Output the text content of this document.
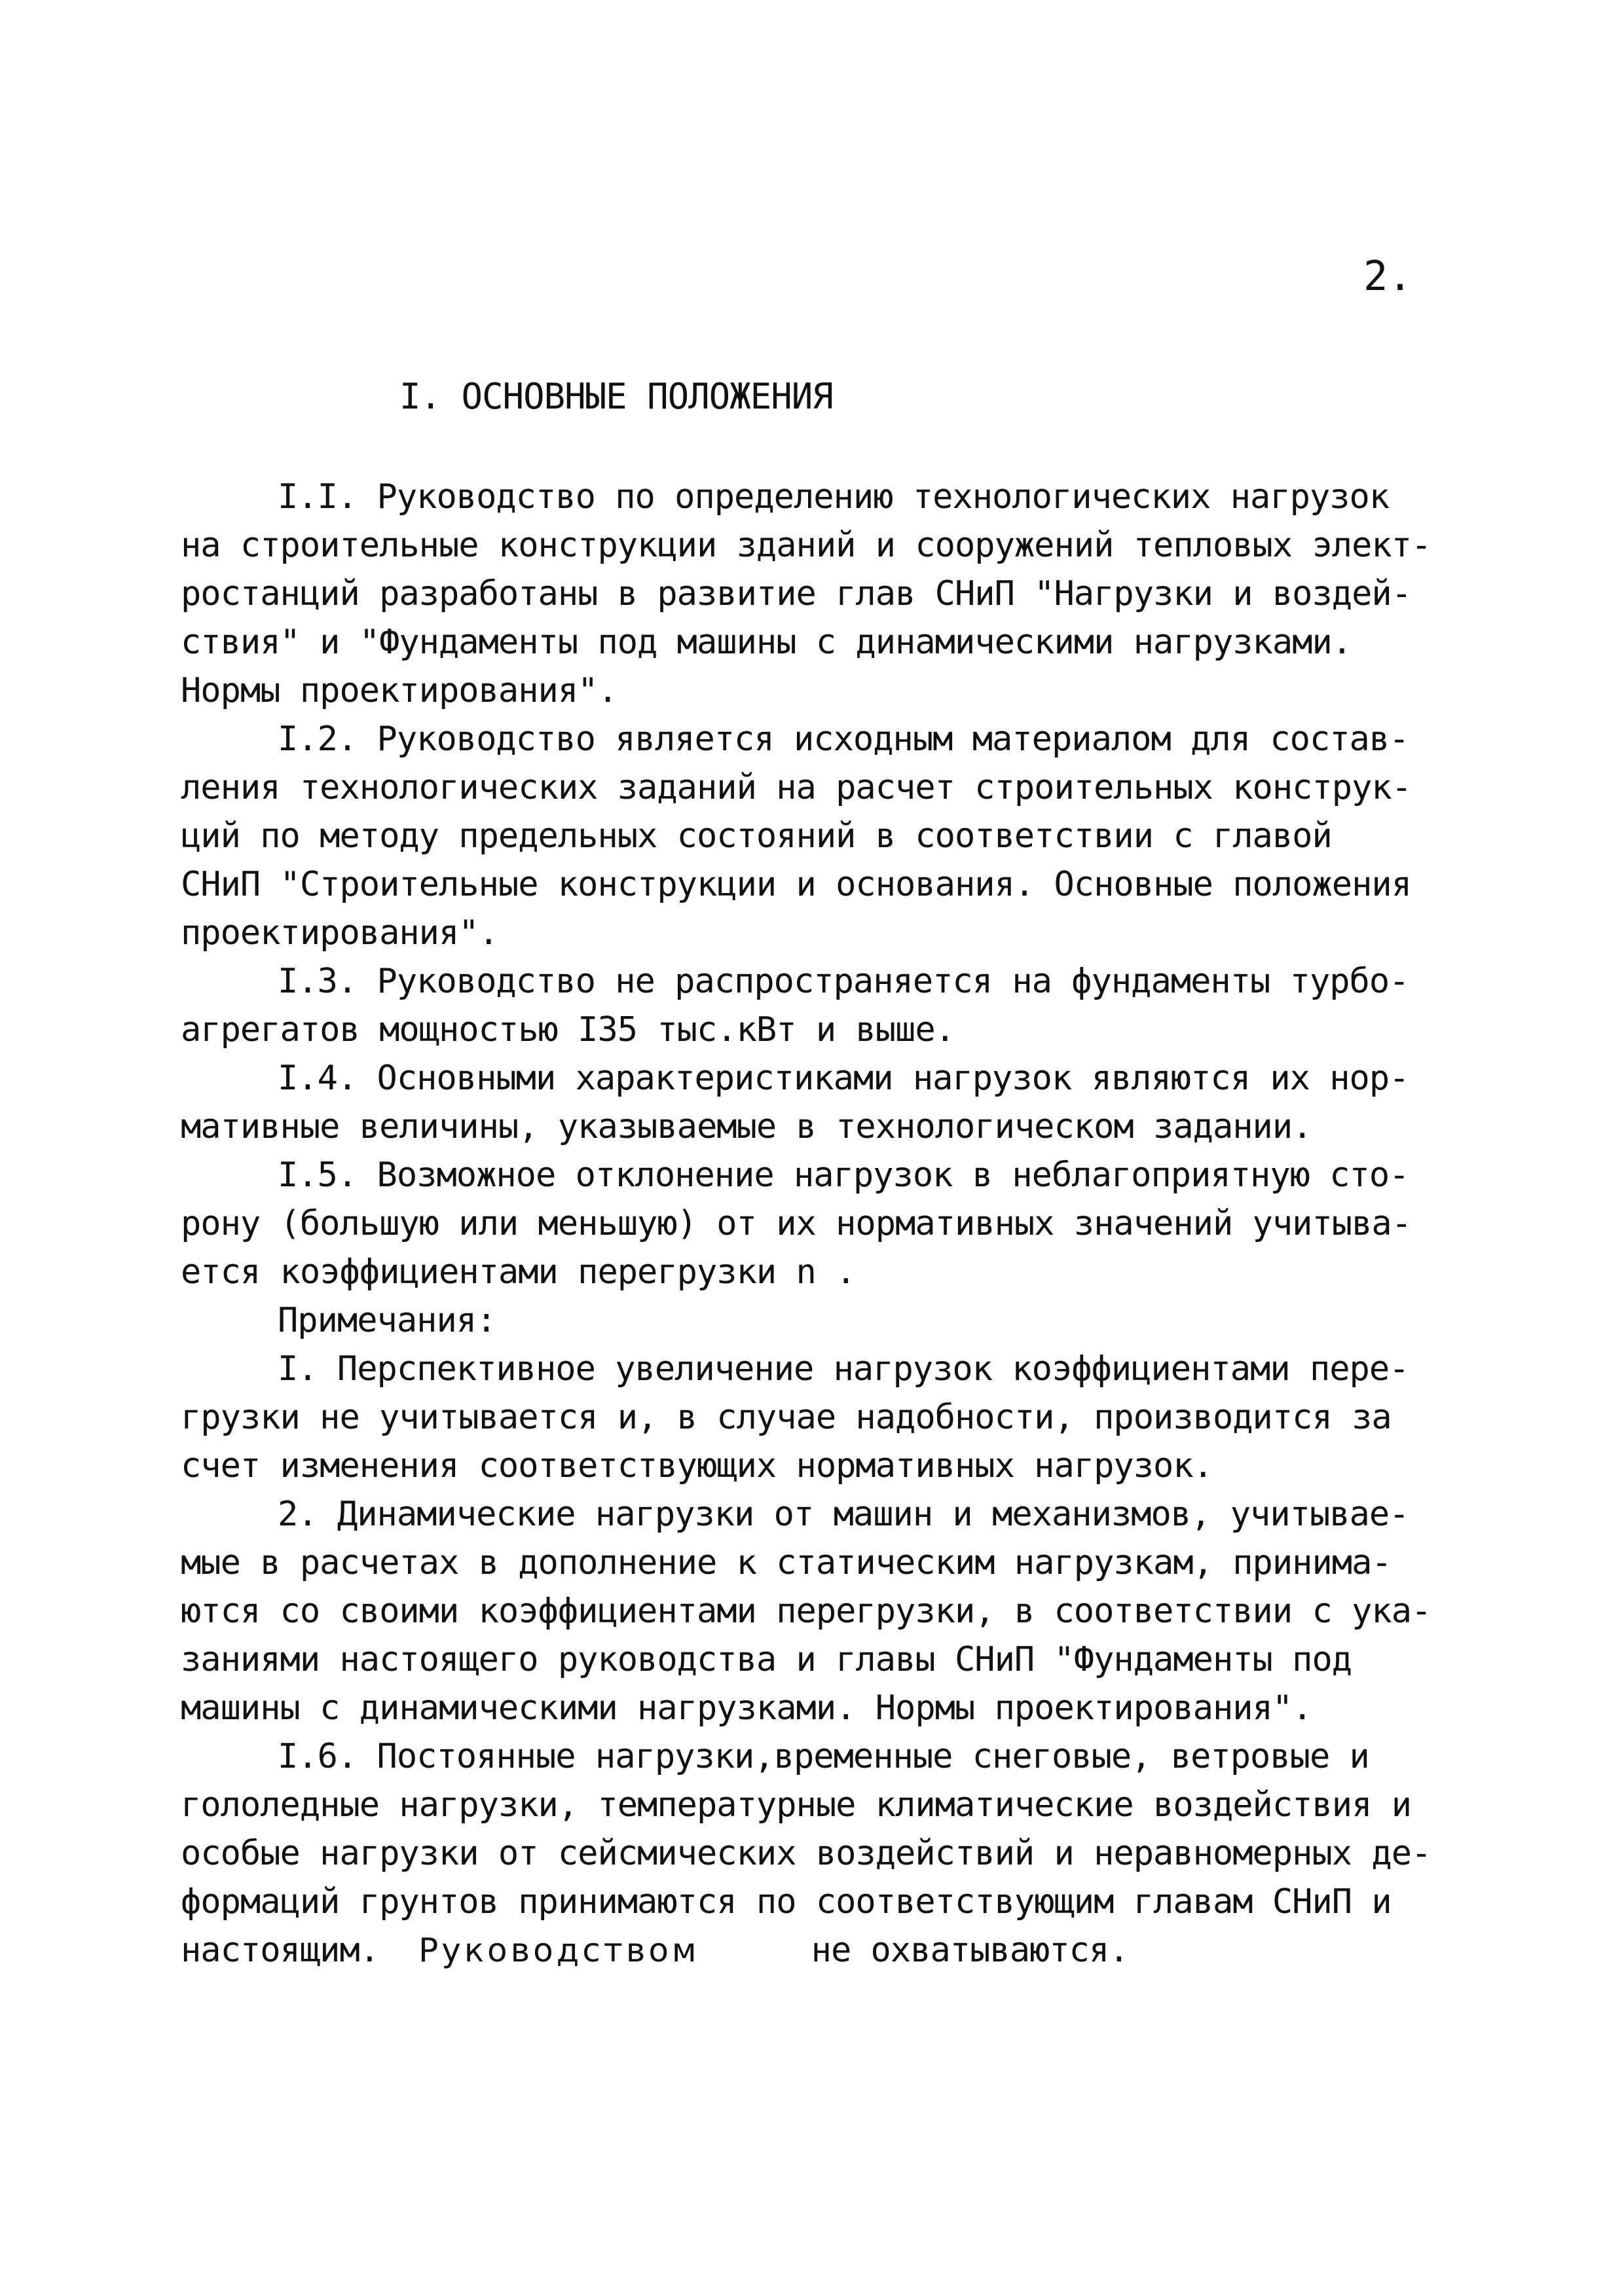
2.
I. ОСНОВНЫЕ ПОЛОЖЕНИЯ
I.I. Руководство по определению технологических нагрузок
на строительные конструкции зданий и сооружений тепловых элект-
ростанций разработаны в развитие глав СНиП "Нагрузки и воздей-
ствия" и "Фундаменты под машины с динамическими нагрузками.
Нормы проектирования".
I.2. Руководство является исходным материалом для состав-
ления технологических заданий на расчет строительных конструк-
ций по методу предельных состояний в соответствии с главой
СНиП "Строительные конструкции и основания. Основные положения
проектирования".
I.3. Руководство не распространяется на фундаменты турбо-
агрегатов мощностью I35 тыс.кВт и выше.
I.4. Основными характеристиками нагрузок являются их нор-
мативные величины, указываемые в технологическом задании.
I.5. Возможное отклонение нагрузок в неблагоприятную сто-
рону (большую или меньшую) от их нормативных значений учитыва-
ется коэффициентами перегрузки n .
Примечания:
I. Перспективное увеличение нагрузок коэффициентами пере-
грузки не учитывается и, в случае надобности, производится за
счет изменения соответствующих нормативных нагрузок.
2. Динамические нагрузки от машин и механизмов, учитывае-
мые в расчетах в дополнение к статическим нагрузкам, принима-
ются со своими коэффициентами перегрузки, в соответствии с ука-
заниями настоящего руководства и главы СНиП "Фундаменты под
машины с динамическими нагрузками. Нормы проектирования".
I.6. Постоянные нагрузки,временные снеговые, ветровые и
гололедные нагрузки, температурные климатические воздействия и
особые нагрузки от сейсмических воздействий и неравномерных де-
формаций грунтов принимаются по соответствующим главам СНиП и
настоящим. Руководством	не охватываются.
